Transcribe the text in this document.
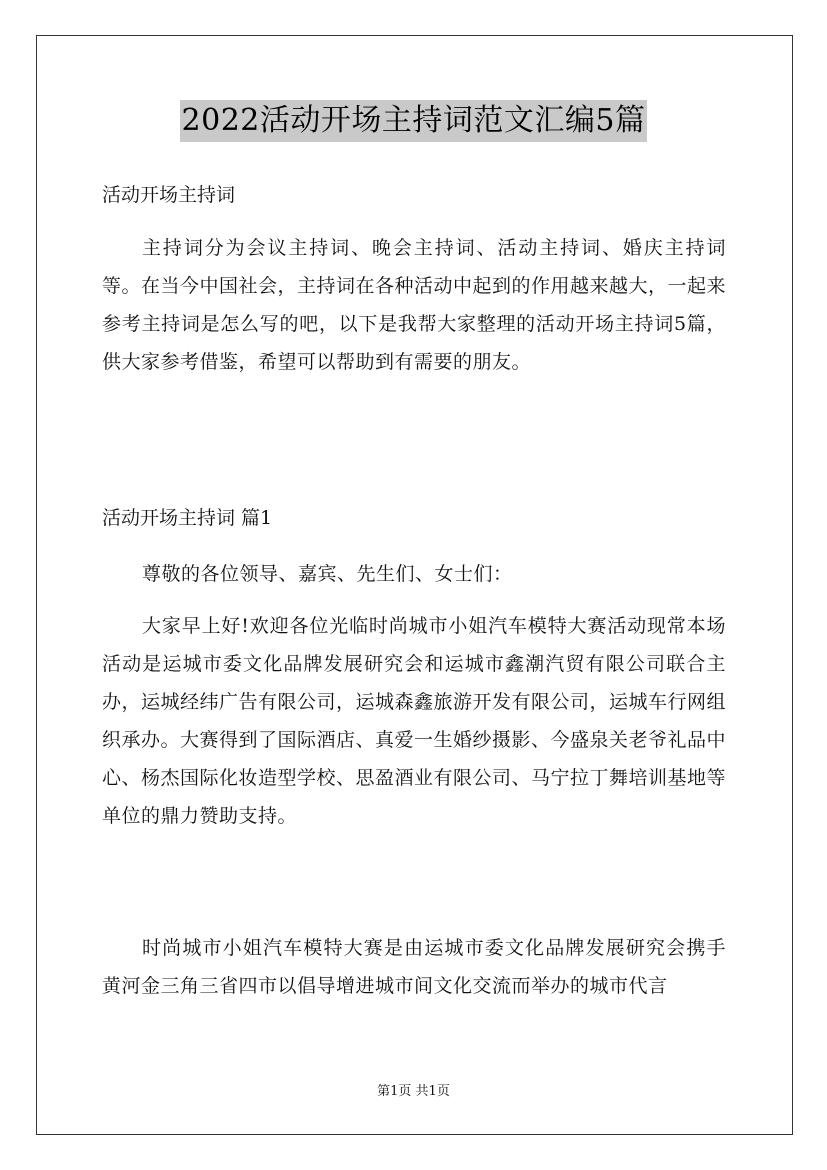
2022活动开场主持词范文汇编5篇

活动开场主持词

主持词分为会议主持词、晚会主持词、活动主持词、婚庆主持词等。在当今中国社会，主持词在各种活动中起到的作用越来越大，一起来参考主持词是怎么写的吧，以下是我帮大家整理的活动开场主持词5篇，供大家参考借鉴，希望可以帮助到有需要的朋友。

活动开场主持词 篇1

尊敬的各位领导、嘉宾、先生们、女士们：

大家早上好!欢迎各位光临时尚城市小姐汽车模特大赛活动现常本场活动是运城市委文化品牌发展研究会和运城市鑫潮汽贸有限公司联合主办，运城经纬广告有限公司，运城森鑫旅游开发有限公司，运城车行网组织承办。大赛得到了国际酒店、真爱一生婚纱摄影、今盛泉关老爷礼品中心、杨杰国际化妆造型学校、思盈酒业有限公司、马宁拉丁舞培训基地等单位的鼎力赞助支持。

时尚城市小姐汽车模特大赛是由运城市委文化品牌发展研究会携手黄河金三角三省四市以倡导增进城市间文化交流而举办的城市代言

第1页 共1页
